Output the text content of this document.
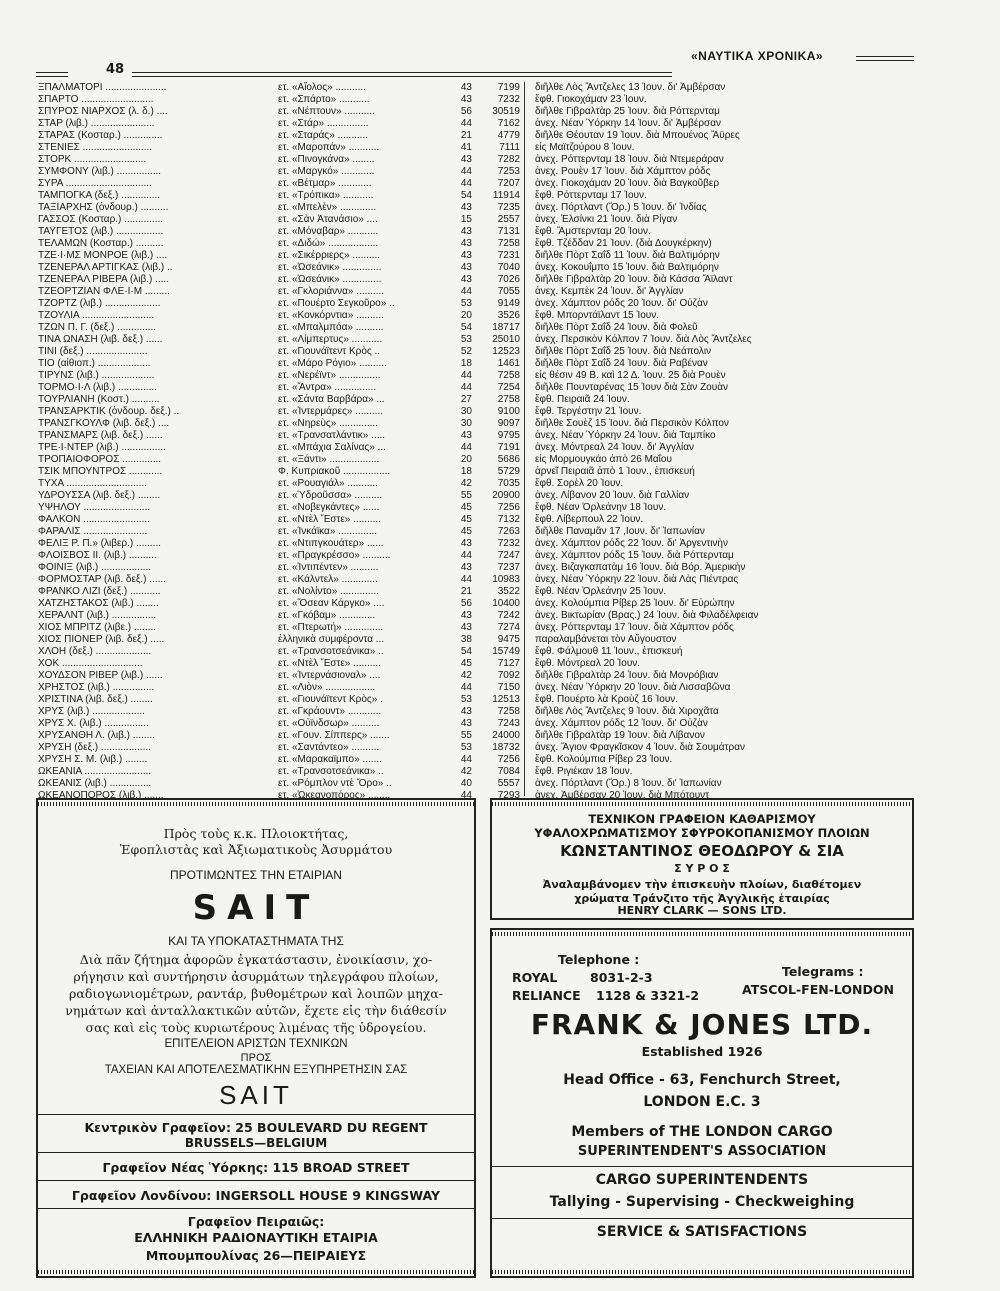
48
«ΝΑΥΤΙΚΑ ΧΡΟΝΙΚΑ»
ΞΠΑΛΜΑΤΟΡΙ ......................	ετ. «Αἴολος» ...........	43	7199 διῆλθε Λὸς Ἄντζελες 13 Ἰουν. δι' Ἀμβέρσαν
ΣΠΑΡΤΟ ..........................	ετ. «Σπάρτο» ...........	43	7232 ἔφθ. Γιοκοχάμαν 23 Ἰουν.
ΣΠΥΡΟΣ ΝΙΑΡΧΟΣ (λ. δ.) ....	ετ. «Νέπτουν» ...........	56	30519 διῆλθε Γιβραλτὰρ 25 Ἰουν. διὰ Ρόττερνταμ
ΣΤΑΡ (λιβ.) .......................	ετ. «Στάρ» ...............	44	7162 ἀνεχ. Νέαν Ὑόρκην 14 Ἰουν. δι' Ἀμβέρσαν
ΣΤΑΡΑΣ (Κοσταρ.) ..............	ετ. «Σταράς» ...........	21	4779 διῆλθε Θέουταν 19 Ἰουν. διὰ Μπουένος Ἄϋρες
ΣΤΕΝΙΕΣ .........................	ετ. «Μαροπάν» ...........	41	7111 εἰς Μαϊτζούρου 8 Ἰουν.
ΣΤΟΡΚ ..........................	ετ. «Πινογκάνα» ........	43	7282 ἀνεχ. Ρόττερνταμ 18 Ἰουν. διὰ Ντεμεράραν
ΣΥΜΦΟΝΥ (λιβ.) ................	ετ. «Μαργκό» ............	44	7253 ἀνεχ. Ρουὲν 17 Ἰουν. διὰ Χάμπτον ρόδς
ΣΥΡΑ ...............................	ετ. «Βέτμαρ» ............	44	7207 ἀνεχ. Γιοκοχάμαν 20 Ἰουν. διὰ Βαγκοῦβερ
ΤΑΜΠΟΓΚΑ (δεξ.) ..............	ετ. «Τρόπικα» ...........	54	11914 ἔφθ. Ρόττερνταμ 17 Ἰουν.
ΤΑΞΙΑΡΧΗΣ (ὀνδουρ.) ..........	ετ. «Μπελὲν» .............	43	7235 ἀνεχ. Πόρτλαντ (Ὄρ.) 5 Ἰουν. δι' Ἰνδίας
ΓΑΣΣΟΣ (Κοσταρ.) ..............	ετ. «Σὰν Ἀτανάσιο» ....	15	2557 ἀνεχ. Ἑλσίνκι 21 Ἰουν. διὰ Ρίγαν
ΤΑΫΓΕΤΟΣ (λιβ.) .................	ετ. «Μόναβαρ» ...........	43	7131 ἔφθ. Ἄμστερνταμ 20 Ἰουν.
ΤΕΛΑΜΩΝ (Κοσταρ.) ..........	ετ. «Διδώ» ..................	43	7258 ἔφθ. Τζέδδαν 21 Ἰουν. (διὰ Δουγκέρκην)
ΤΖΕ·Ι·ΜΣ ΜΟΝΡΟΕ (λιβ.) ....	ετ. «Σικέρριερς» ..........	43	7231 διῆλθε Πὸρτ Σαΐδ 11 Ἰουν. διὰ Βαλτιμόρην
ΤΖΕΝΕΡΑΛ ΑΡΤΙΓΚΑΣ (λιβ.) ..	ετ. «Ὠσεάνικ» ..............	43	7040 ἀνεχ. Κοκουΐμπο 15 Ἰουν. διὰ Βαλτιμόρην
ΤΖΕΝΕΡΑΛ ΡΙΒΕΡΑ (λιβ.) .....	ετ. «Ὠσεάνικ» ..............	43	7026 διῆλθε Γιβραλτὰρ 20 Ἰουν. διὰ Κάσσα Ἄϊλαντ
ΤΖΕΟΡΤΖΙΑΝ ΦΛΕ·Ι·Μ .........	ετ. «Γκλοριάννα» ..........	44	7055 ἀνεχ. Κεμπὲκ 24 Ἰουν. δι' Ἀγγλίαν
ΤΖΟΡΤΖ (λιβ.) ....................	ετ. «Πουέρτο Σεγκοῦρο» ..	53	9149 ἀνεχ. Χάμπτον ρόδς 20 Ἰουν. δι' Οὐζὰν
ΤΖΟΥΛΙΑ ..........................	ετ. «Κονκόρντια» ..........	20	3526 ἔφθ. Μπορντάϊλαντ 15 Ἰουν.
ΤΖΩΝ Π. Γ. (δεξ.) ..............	ετ. «Μπαλμπόα» ..........	54	18717 διῆλθε Πὸρτ Σαΐδ 24 Ἰουν. διὰ Φολεῦ
ΤΙΝΑ ΩΝΑΣΗ (λιβ. δεξ.) ......	ετ. «Λίμπερτυς» ...........	53	25010 ἀνεχ. Περσικὸν Κόλπον 7 Ἰουν. διὰ Λὸς Ἄντζελες
ΤΙΝΙ (δεξ.) ......................	ετ. «Γιουνάϊτεντ Κρὸς ..	52	12523 διῆλθε Πὸρτ Σαΐδ 25 Ἰουν. διὰ Νεάπολιν
ΤΙΟ (αἰθιοπ.) ...................	ετ. «Μάρο Ρόγιο» ..........	18	1461 διῆλθε Πὸρτ Σαΐδ 24 Ἰουν. διὰ Ραβέναν
ΤΙΡΥΝΣ (λιβ.) ...................	ετ. «Νερέϊντ» ...............	44	7258 εἰς θέσιν 49 Β. καὶ 12 Δ. Ἰουν. 25 διὰ Ρουὲν
ΤΟΡΜΟ·Ι·Λ (λιβ.) ..............	ετ. «Ἄντρα» ...............	44	7254 διῆλθε Πουνταρένας 15 Ἰουν διὰ Σὰν Ζουὰν
ΤΟΥΡΛΙΑΝΗ (Κοστ.) ..........	ετ. «Σάντα Βαρβάρα» ...	27	2758 ἔφθ. Πειραιᾶ 24 Ἰουν.
ΤΡΑΝΣΑΡΚΤΙΚ (ὀνδουρ. δεξ.) ..	ετ. «Ἰντερμάρες» ..........	30	9100 ἔφθ. Τεργέστην 21 Ἰουν.
ΤΡΑΝΣΓΚΟΥΛΦ (λιβ. δεξ.) ....	ετ. «Νηρεὺς» ..............	30	9097 διῆλθε Σουὲζ 15 Ἰουν. διὰ Περσικὸν Κόλπον
ΤΡΑΝΣΜΑΡΣ (λιβ. δεξ.) ......	ετ. «Τρανσατλάντικ» .....	43	9795 ἀνεχ. Νέαν Ὑόρκην 24 Ἰουν. διὰ Ταμπίκο
ΤΡΕ·Ι·ΝΤΕΡ (λιβ.) ................	ετ. «Μπάχια Σαλίνας» ...	44	7191 ἀνεχ. Μόντρεαλ 24 Ἰουν. δι' Ἀγγλίαν
ΤΡΟΠΑΙΟΦΟΡΟΣ ..............	ετ. «Ξάντι» ..................	20	5686 εἰς Μορμουγκάο ἀπὸ 26 Μαΐου
ΤΣΙΚ ΜΠΟΥΝΤΡΟΣ ............	Φ. Κυπριακοῦ .................	18	5729 ἀρνεῖ Πειραιᾶ ἀπὸ 1 Ἰουν., ἐπισκευή
ΤΥΧΑ .............................	ετ. «Ρουαγιάλ» ...........	42	7035 ἔφθ. Σορὲλ 20 Ἰουν.
ΥΔΡΟΥΣΣΑ (λιβ. δεξ.) ........	ετ. «Ὑδροῦσσα» ..........	55	20900 ἀνεχ. Λίβανον 20 Ἰουν. διὰ Γαλλίαν
ΥΨΗΛΟΥ ........................	ετ. «Νοβεγκάντες» ......	45	7256 ἔφθ. Νέαν Ὀρλεάνην 18 Ἰουν.
ΦΑΛΚΟΝ ........................	ετ. «Ντὲλ Ἔστε» ..........	45	7132 ἔφθ. Λίβερπουλ 22 Ἰουν.
ΦΑΡΑΛΙΣ .......................	ετ. «Ἰνκάϊκα» ..............	45	7263 διῆλθε Παναμᾶν 17 ,Ιουν. δι' Ἰαπωνίαν
ΦΕΛΙΞ Ρ. Π.» (λιβερ.) .........	ετ. «Ντιπγκουάτερ» ......	43	7232 ἀνεχ. Χάμπτον ρόδς 22 Ἰουν. δι' Ἀργεντινὴν
ΦΛΟΙΣΒΟΣ ΙΙ. (λιβ.) ..........	ετ. «Πραγκρέσσο» ..........	44	7247 ἀνεχ. Χάμπτον ρόδς 15 Ἰουν. διὰ Ρόττερνταμ
ΦΟΙΝΙΞ (λιβ.) ..................	ετ. «Ἰντιπέντεν» ..........	43	7237 ἀνεχ. Βιζαγκαπατὰμ 16 Ἰουν. διὰ Βόρ. Ἀμερικὴν
ΦΟΡΜΟΣΤΑΡ (λιβ. δεξ.) ......	ετ. «Κάλντελ» .............	44	10983 ἀνεχ. Νέαν Ὑόρκην 22 Ἰουν. διὰ Λὰς Πιέντρας
ΦΡΑΝΚΟ ΛΙΖΙ (δεξ.) ...........	ετ. «Νολίντο» ..............	21	3522 ἔφθ. Νέαν Ὀρλεάνην 25 Ἰουν.
ΧΑΤΖΗΣΤΑΚΟΣ (λιβ.) ........	ετ. «Ὅσεαν Κάργκο» ....	56	10400 ἀνεχ. Κολούμπια Ρίβερ 25 Ἰουν. δι' Εὐρώπην
ΧΕΡΑΛΝΤ (λιβ.) ................	ετ. «Γκόβαμ» .............	43	7242 ἀνεχ. Βικτωρίαν (Βρας.) 24 Ἰουν. διὰ Φιλαδέλφειαν
ΧΙΟΣ ΜΠΡΙΤΖ (λιβε.) ........	ετ. «Πτερωτή» ..............	43	7274 ἀνεχ. Ρόττερνταμ 17 Ἰουν. διὰ Χάμπτον ρόδς
ΧΙΟΣ ΠΙΟΝΕΡ (λιβ. δεξ.) .....	ἑλληνικὰ συμφέροντα ...	38	9475 παραλαμβάνεται τὸν Αὔγουστον
ΧΛΟΗ (δεξ.) ....................	ετ. «Τρανσοτσεάνικα» ..	54	15749 ἔφθ. Φάλμουθ 11 Ἰουν., ἐπισκευή
ΧΟΚ .............................	ετ. «Ντὲλ Ἔστε» ..........	45	7127 ἔφθ. Μόντρεαλ 20 Ἰουν.
ΧΟΥΔΣΟΝ ΡΙΒΕΡ (λιβ.) ......	ετ. «Ἰντερνάσιοναλ» ....	42	7092 διῆλθε Γιβραλτὰρ 24 Ἰουν. διὰ Μονρόβιαν
ΧΡΗΣΤΟΣ (λιβ.) ...............	ετ. «Λιὸν» ..................	44	7150 ἀνεχ. Νέαν Ὑόρκην 20 Ἰουν. διὰ Λισσαβῶνα
ΧΡΙΣΤΙΝΑ (λιβ. δεξ.) ........	ετ. «Γιουνάϊτεντ Κρὸς» .	53	12513 ἔφθ. Πουέρτο λὰ Κροὺζ 16 Ἰουν.
ΧΡΥΣ (λιβ.) ...................	ετ. «Γκράουντ» ............	43	7258 διῆλθε Λὸς Ἄντζελες 9 Ἰουν. διὰ Χιροχᾶτα
ΧΡΥΣ Χ. (λιβ.) ................	ετ. «Οὐϊνδσωρ» ..........	43	7243 ἀνεχ. Χάμπτον ρόδς 12 Ἰουν. δι' Οὐζὰν
ΧΡΥΣΑΝΘΗ Λ. (λιβ.) ........	ετ. «Γουν. Σίππερς» .......	55	24000 διῆλθε Γιβραλτὰρ 19 Ἰουν. διὰ Λίβανον
ΧΡΥΣΗ (δεξ.) ..................	ετ. «Σαντάντεο» ..........	53	18732 ἀνεχ. Ἄγιον Φραγκῖσκον 4 Ἰουν. διὰ Σουμάτραν
ΧΡΥΣΗ Σ. Μ. (λιβ.) ........	ετ. «Μαρακαϊμπο» .......	44	7256 ἔφθ. Κολούμπια Ρίβερ 23 Ἰουν.
ΩΚΕΑΝΙΑ ........................	ετ. «Τρανσοτσεάνικα» ..	42	7084 ἔφθ. Ριγιέκαν 18 Ἰουν.
ΩΚΕΑΝΙΣ (λιβ.) ...............	ετ. «Ρόμπλον ντὲ Ὄρο» ..	40	5557 ἀνεχ. Πόρτλαντ (Ὄρ.) 8 Ἰουν. δι' Ἰαπωνίαν
ΩΚΕΑΝΟΠΟΡΟΣ (λιβ.) .......	ετ. «Ὠκεανοπόρος» ........	44	7293 ἀνεχ. Ἀμβέρσαν 20 Ἰουν. διὰ Μπότουντ
Πρὸς τοὺς κ.κ. Πλοιοκτήτας,
Ἐφοπλιστὰς καὶ Ἀξιωματικοὺς Ἀσυρμάτου
ΠΡΟΤΙΜΩΝΤΕΣ ΤΗΝ ΕΤΑΙΡΙΑΝ
SAIT
ΚΑΙ ΤΑ ΥΠΟΚΑΤΑΣΤΗΜΑΤΑ ΤΗΣ
Διὰ πᾶν ζήτημα ἀφορῶν ἐγκατάστασιν, ἐνοικίασιν, χο-
ρήγησιν καὶ συντήρησιν ἀσυρμάτων τηλεγράφου πλοίων,
ραδιογωνιομέτρων, ραντάρ, βυθομέτρων καὶ λοιπῶν μηχα-
νημάτων καὶ ἀνταλλακτικῶν αὐτῶν, ἔχετε εἰς τὴν διάθεσίν
σας καὶ εἰς τοὺς κυριωτέρους λιμένας τῆς ὑδρογείου.
ΕΠΙΤΕΛΕΙΟΝ ΑΡΙΣΤΩΝ ΤΕΧΝΙΚΩΝ
ΠΡΟΣ
ΤΑΧΕΙΑΝ ΚΑΙ ΑΠΟΤΕΛΕΣΜΑΤΙΚΗΝ ΕΞΥΠΗΡΕΤΗΣΙΝ ΣΑΣ
SAIT
Κεντρικὸν Γραφεῖον: 25 BOULEVARD DU REGENT
BRUSSELS—BELGIUM
Γραφεῖον Νέας Ὑόρκης: 115 BROAD STREET
Γραφεῖον Λονδίνου: INGERSOLL HOUSE 9 KINGSWAY
Γραφεῖον Πειραιῶς:
ΕΛΛΗΝΙΚΗ ΡΑΔΙΟΝΑΥΤΙΚΗ ΕΤΑΙΡΙΑ
Μπουμπουλίνας 26—ΠΕΙΡΑΙΕΥΣ
ΤΕΧΝΙΚΟΝ ΓΡΑΦΕΙΟΝ ΚΑΘΑΡΙΣΜΟΥ
ΥΦΑΛΟΧΡΩΜΑΤΙΣΜΟΥ ΣΦΥΡΟΚΟΠΑΝΙΣΜΟΥ ΠΛΟΙΩΝ
ΚΩΝΣΤΑΝΤΙΝΟΣ ΘΕΟΔΩΡΟΥ & ΣΙΑ
Σ Υ Ρ Ο Σ
Ἀναλαμβάνομεν τὴν ἐπισκευὴν πλοίων, διαθέτομεν
χρώματα Τράνζιτο τῆς Ἀγγλικῆς ἑταιρίας
HENRY CLARK — SONS LTD.
Telephone :
ROYAL	8031-2-3
RELIANCE 1128 & 3321-2
Telegrams :
ATSCOL-FEN-LONDON
FRANK & JONES LTD.
Established 1926
Head Office - 63, Fenchurch Street,
LONDON E.C. 3
Members of THE LONDON CARGO
SUPERINTENDENT'S ASSOCIATION
CARGO SUPERINTENDENTS
Tallying - Supervising - Checkweighing
SERVICE & SATISFACTIONS
